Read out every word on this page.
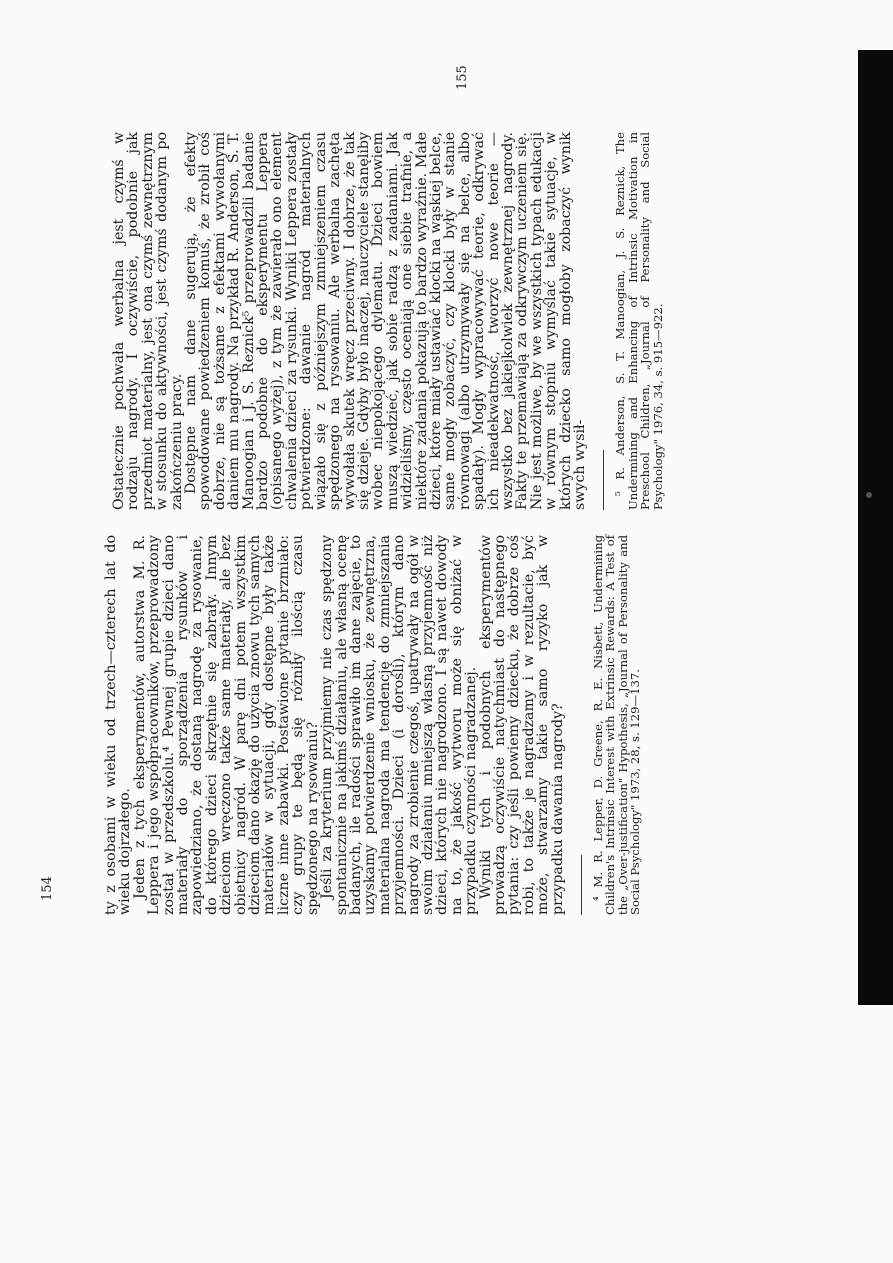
ty z osobami w wieku od trzech—czterech lat do wieku dojrzałego.

Jeden z tych eksperymentów, autorstwa M. R. Leppera i jego współpracowników, przeprowadzony został w przedszkolu.⁴ Pewnej grupie dzieci dano materiały do sporządzenia rysunków i zapowiedziano, że dostaną nagrodę za rysowanie, do którego dzieci skrzętnie się zabrały. Innym dzieciom wręczono także same materiały, ale bez obietnicy nagród. W parę dni potem wszystkim dzieciom dano okazję do użycia znowu tych samych materiałów w sytuacji, gdy dostępne były także liczne inne zabawki. Postawione pytanie brzmiało: czy grupy te będą się różniły ilością czasu spędzonego na rysowaniu?

Jeśli za kryterium przyjmiemy nie czas spędzony spontanicznie na jakimś działaniu, ale własną ocenę badanych, ile radości sprawiło im dane zajęcie, to uzyskamy potwierdzenie wniosku, że zewnętrzna, materialna nagroda ma tendencję do zmniejszania przyjemności. Dzieci (i dorośli), którym dano nagrody za zrobienie czegoś, upatrywały na ogół w swoim działaniu mniejszą własną przyjemność niż dzieci, których nie nagrodzono. I są nawet dowody na to, że jakość wytworu może się obniżać w przypadku czynności nagradzanej.

Wyniki tych i podobnych eksperymentów prowadzą oczywiście natychmiast do następnego pytania: czy jeśli powiemy dziecku, że dobrze coś robi, to także je nagradzamy i w rezultacie, być może, stwarzamy takie samo ryzyko jak w przypadku dawania nagrody? ⁴ M. R. Lepper, D. Greene, R. E. Nisbett, Undermining Children's Intrinsic Interest with Extrinsic Rewards: A Test of the „Over-justification" Hypothesis, „Journal of Personality and Social Psychology" 1973, 28, s. 129—137.

Ostatecznie pochwała werbalna jest czymś w rodzaju nagrody. I oczywiście, podobnie jak przedmiot materialny, jest ona czymś zewnętrznym w stosunku do aktywności, jest czymś dodanym po zakończeniu pracy.

Dostępne nam dane sugerują, że efekty spowodowane powiedzeniem komuś, że zrobił coś dobrze, nie są tożsame z efektami wywołanymi daniem mu nagrody. Na przykład R. Anderson, S. T. Manoogian i J. S. Reznick⁵ przeprowadzili badanie bardzo podobne do eksperymentu Leppera (opisanego wyżej), z tym że zawierało ono element chwalenia dzieci za rysunki. Wyniki Leppera zostały potwierdzone: dawanie nagród materialnych wiązało się z późniejszym zmniejszeniem czasu spędzonego na rysowaniu. Ale werbalna zachęta wywołała skutek wręcz przeciwny. I dobrze, że tak się dzieje. Gdyby było inaczej, nauczyciele stanęliby wobec niepokojącego dylematu. Dzieci bowiem muszą wiedzieć, jak sobie radzą z zadaniami. Jak widzieliśmy, często oceniają one siebie trafnie, a niektóre zadania pokazują to bardzo wyraźnie. Małe dzieci, które miały ustawiać klocki na wąskiej belce, same mogły zobaczyć, czy klocki były w stanie równowagi (albo utrzymywały się na belce, albo spadały). Mogły wypracowywać teorie, odkrywać ich nieadekwatność, tworzyć nowe teorie — wszystko bez jakiejkolwiek zewnętrznej nagrody. Fakty te przemawiają za odkrywczym uczeniem się. Nie jest możliwe, by we wszystkich typach edukacji w równym stopniu wymyślać takie sytuacje, w których dziecko samo mogłoby zobaczyć wynik swych wysił- ⁵ R. Anderson, S. T. Manoogian, J. S. Reznick, The Undermining and Enhancing of Intrinsic Motivation in Preschool Children, „Journal of Personality and Social Psychology" 1976, 34, s. 915—922.

154
155
